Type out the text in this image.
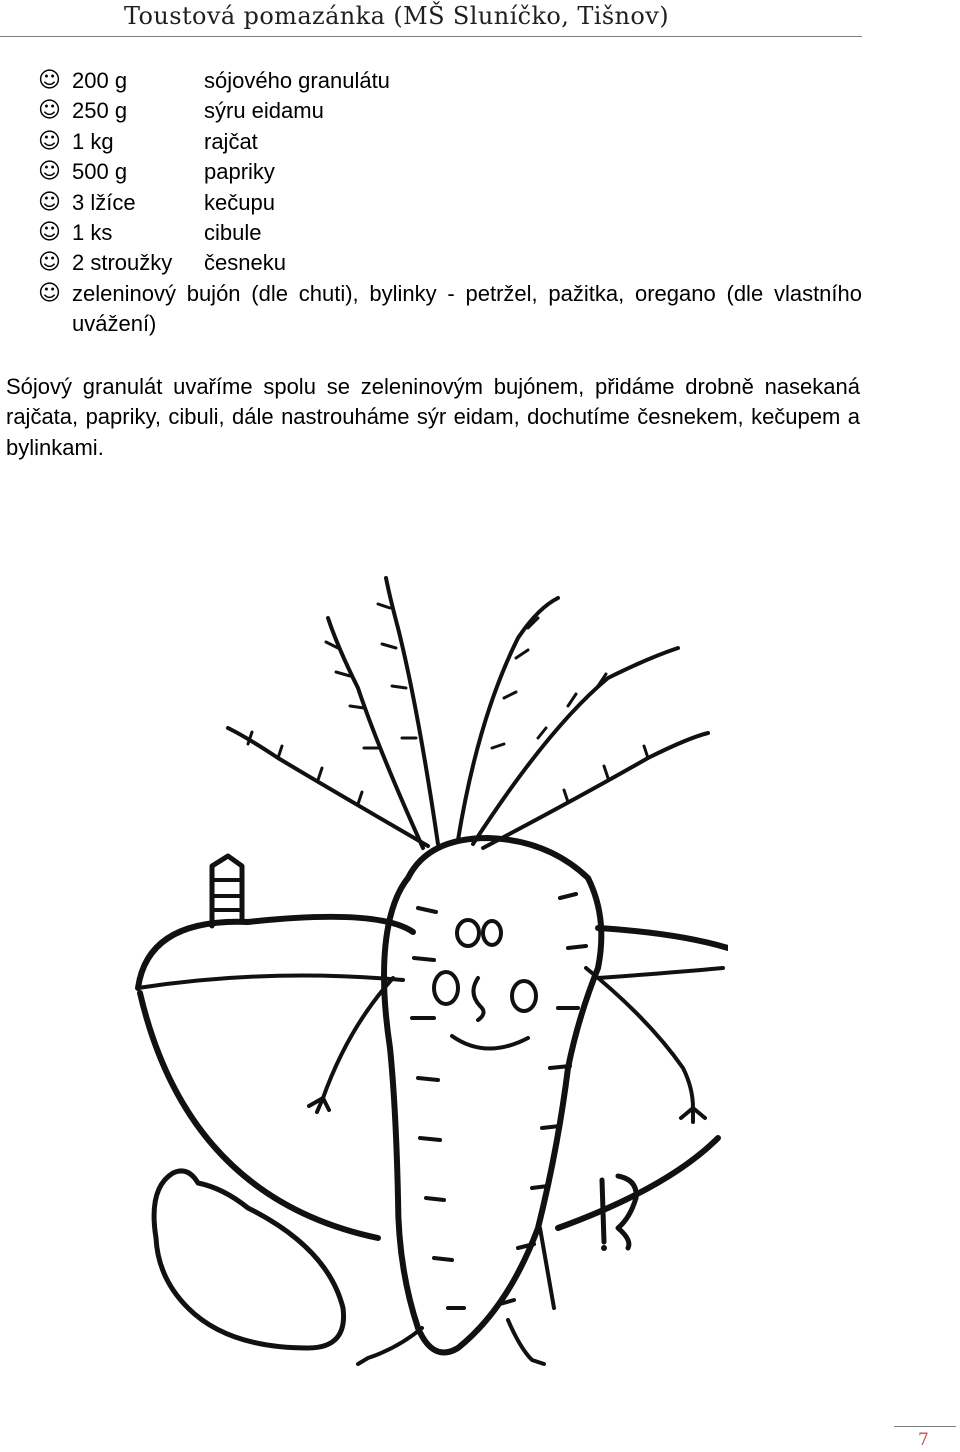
Toustová pomazánka (MŠ Sluníčko, Tišnov)
☺ 200 g	sójového granulátu
☺ 250 g	sýru eidamu
☺ 1 kg	rajčat
☺ 500 g	papriky
☺ 3 lžíce	kečupu
☺ 1 ks	cibule
☺ 2 stroužky česneku
☺ zeleninový bujón (dle chuti), bylinky - petržel, pažitka, oregano (dle vlastního uvážení)

Sójový granulát uvaříme spolu se zeleninovým bujónem, přidáme drobně nasekaná rajčata, papriky, cibuli, dále nastrouháme sýr eidam, dochutíme česnekem, kečupem a bylinkami.

7
